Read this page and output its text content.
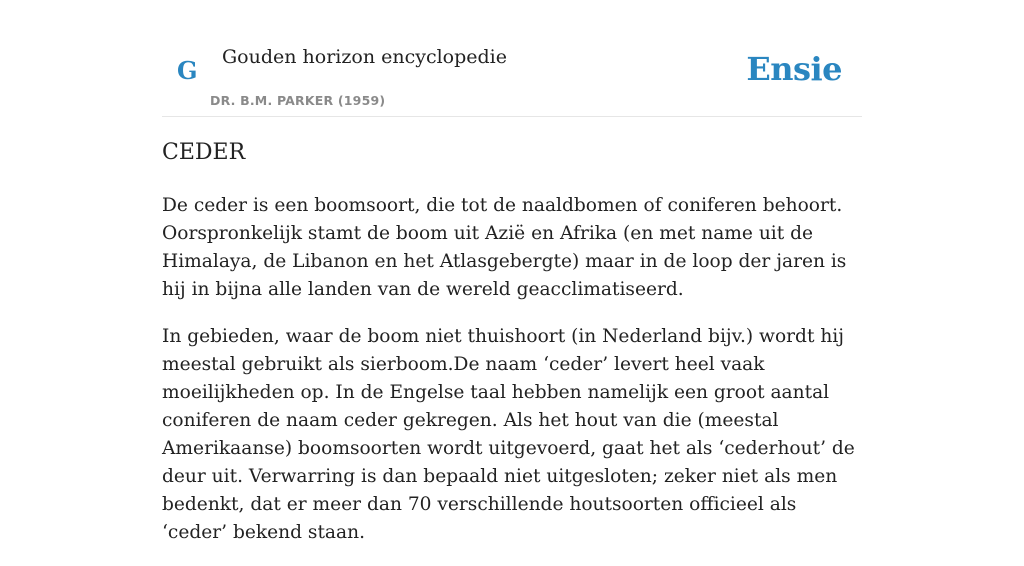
G Gouden horizon encyclopedie
DR. B.M. PARKER (1959)
Ensie
CEDER

De ceder is een boomsoort, die tot de naaldbomen of coniferen behoort. Oorspronkelijk stamt de boom uit Azië en Afrika (en met name uit de Himalaya, de Libanon en het Atlasgebergte) maar in de loop der jaren is hij in bijna alle landen van de wereld geacclimatiseerd.

In gebieden, waar de boom niet thuishoort (in Nederland bijv.) wordt hij meestal gebruikt als sierboom.De naam ‘ceder’ levert heel vaak moeilijkheden op. In de Engelse taal hebben namelijk een groot aantal coniferen de naam ceder gekregen. Als het hout van die (meestal Amerikaanse) boomsoorten wordt uitgevoerd, gaat het als ‘cederhout’ de deur uit. Verwarring is dan bepaald niet uitgesloten; zeker niet als men bedenkt, dat er meer dan 70 verschillende houtsoorten officieel als ‘ceder’ bekend staan.
